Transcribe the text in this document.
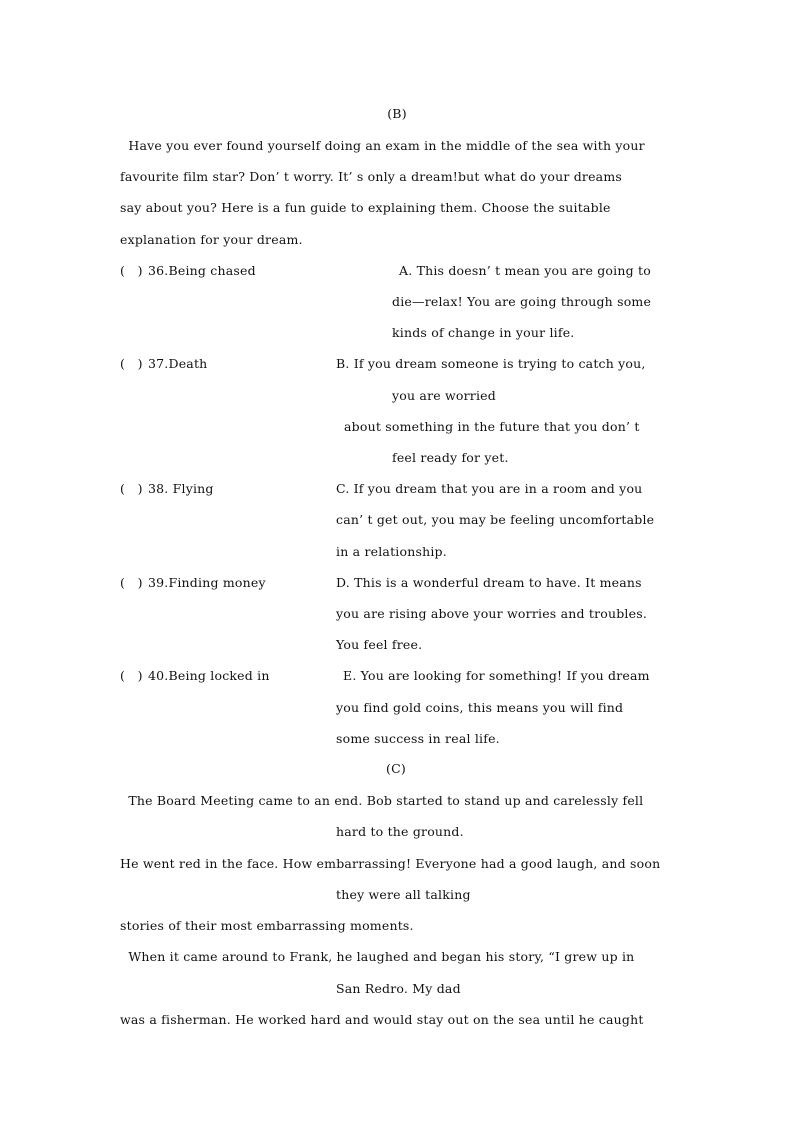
(B)
Have you ever found yourself doing an exam in the middle of the sea with your
favourite film star? Don’ t worry. It’ s only a dream!but what do your dreams
say about you? Here is a fun guide to explaining them. Choose the suitable
explanation for your dream.
(   ) 36.Being chased	A. This doesn’ t mean you are going to
die—relax! You are going through some
kinds of change in your life.
(   ) 37.Death	B. If you dream someone is trying to catch you,
you are worried
about something in the future that you don’ t
feel ready for yet.
(   ) 38. Flying	C. If you dream that you are in a room and you
can’ t get out, you may be feeling uncomfortable
in a relationship.
(   ) 39.Finding money	D. This is a wonderful dream to have. It means
you are rising above your worries and troubles.
You feel free.
(   ) 40.Being locked in	E. You are looking for something! If you dream
you find gold coins, this means you will find
some success in real life.
(C)
The Board Meeting came to an end. Bob started to stand up and carelessly fell
hard to the ground.
He went red in the face. How embarrassing! Everyone had a good laugh, and soon
they were all talking
stories of their most embarrassing moments.
When it came around to Frank, he laughed and began his story, “I grew up in
San Redro. My dad
was a fisherman. He worked hard and would stay out on the sea until he caught
